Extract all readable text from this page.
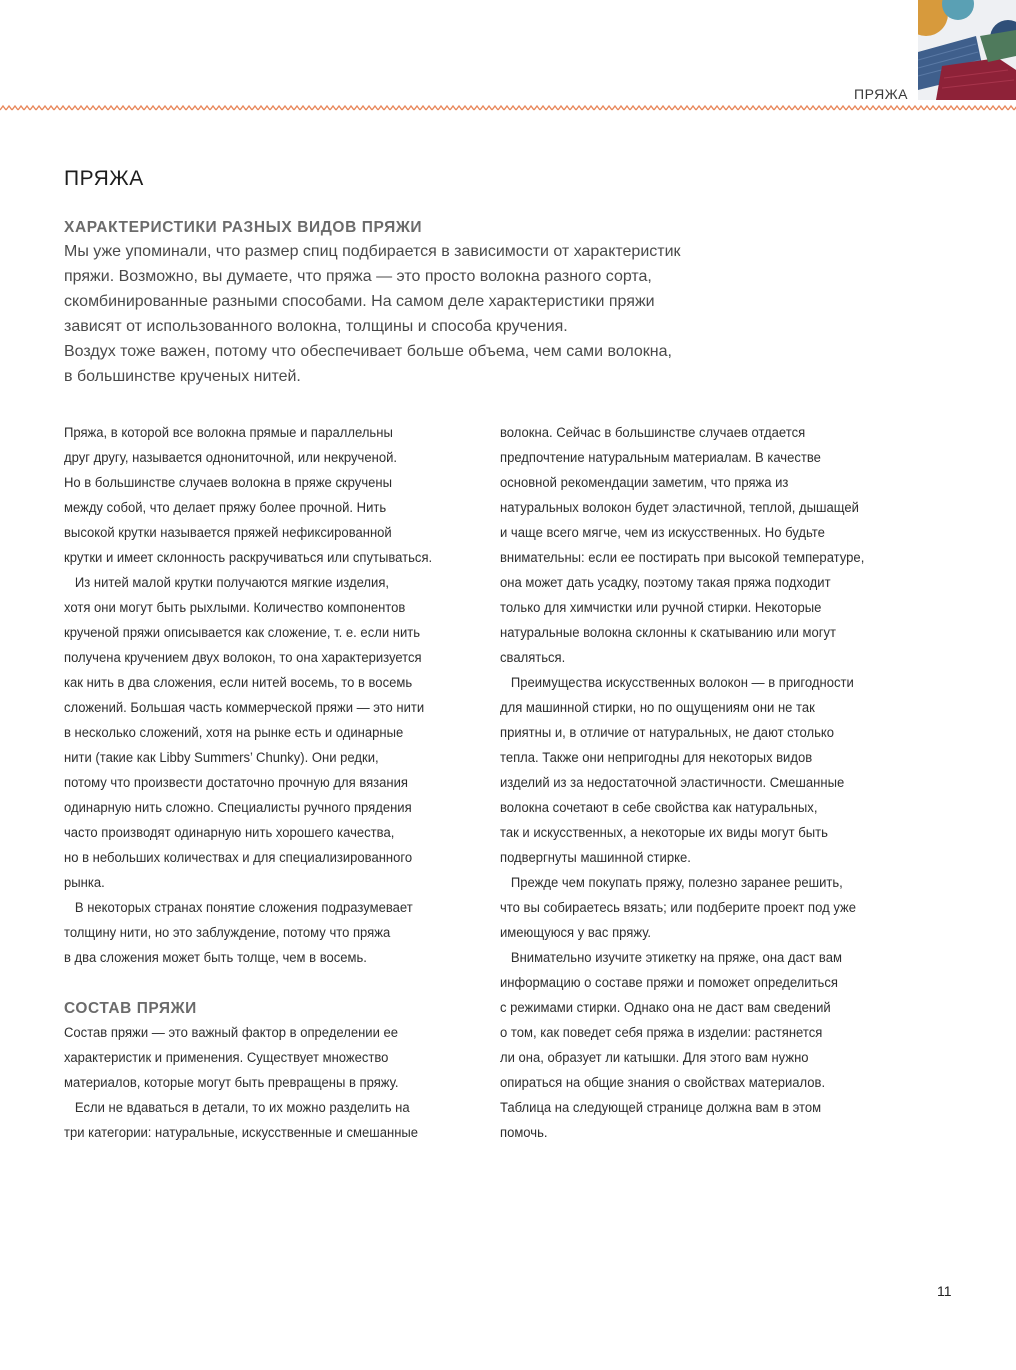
ПРЯЖА
ПРЯЖА
ХАРАКТЕРИСТИКИ РАЗНЫХ ВИДОВ ПРЯЖИ

Мы уже упоминали, что размер спиц подбирается в зависимости от характеристик
пряжи. Возможно, вы думаете, что пряжа — это просто волокна разного сорта,
скомбинированные разными способами. На самом деле характеристики пряжи
зависят от использованного волокна, толщины и способа кручения.
Воздух тоже важен, потому что обеспечивает больше объема, чем сами волокна,
в большинстве крученых нитей.

Пряжа, в которой все волокна прямые и параллельны
друг другу, называется однониточной, или некрученой.
Но в большинстве случаев волокна в пряже скручены
между собой, что делает пряжу более прочной. Нить
высокой крутки называется пряжей нефиксированной
крутки и имеет склонность раскручиваться или спутываться.
Из нитей малой крутки получаются мягкие изделия,
хотя они могут быть рыхлыми. Количество компонентов
крученой пряжи описывается как сложение, т. е. если нить
получена кручением двух волокон, то она характеризуется
как нить в два сложения, если нитей восемь, то в восемь
сложений. Большая часть коммерческой пряжи — это нити
в несколько сложений, хотя на рынке есть и одинарные
нити (такие как Libby Summers’ Chunky). Они редки,
потому что произвести достаточно прочную для вязания
одинарную нить сложно. Специалисты ручного прядения
часто производят одинарную нить хорошего качества,
но в небольших количествах и для специализированного
рынка.
В некоторых странах понятие сложения подразумевает
толщину нити, но это заблуждение, потому что пряжа
в два сложения может быть толще, чем в восемь.
СОСТАВ ПРЯЖИ
Состав пряжи — это важный фактор в определении ее
характеристик и применения. Существует множество
материалов, которые могут быть превращены в пряжу.
Если не вдаваться в детали, то их можно разделить на
три категории: натуральные, искусственные и смешанные
волокна. Сейчас в большинстве случаев отдается
предпочтение натуральным материалам. В качестве
основной рекомендации заметим, что пряжа из
натуральных волокон будет эластичной, теплой, дышащей
и чаще всего мягче, чем из искусственных. Но будьте
внимательны: если ее постирать при высокой температуре,
она может дать усадку, поэтому такая пряжа подходит
только для химчистки или ручной стирки. Некоторые
натуральные волокна склонны к скатыванию или могут
сваляться.
Преимущества искусственных волокон — в пригодности
для машинной стирки, но по ощущениям они не так
приятны и, в отличие от натуральных, не дают столько
тепла. Также они непригодны для некоторых видов
изделий из за недостаточной эластичности. Смешанные
волокна сочетают в себе свойства как натуральных,
так и искусственных, а некоторые их виды могут быть
подвергнуты машинной стирке.
Прежде чем покупать пряжу, полезно заранее решить,
что вы собираетесь вязать; или подберите проект под уже
имеющуюся у вас пряжу.
Внимательно изучите этикетку на пряже, она даст вам
информацию о составе пряжи и поможет определиться
с режимами стирки. Однако она не даст вам сведений
о том, как поведет себя пряжа в изделии: растянется
ли она, образует ли катышки. Для этого вам нужно
опираться на общие знания о свойствах материалов.
Таблица на следующей странице должна вам в этом
помочь.
11
